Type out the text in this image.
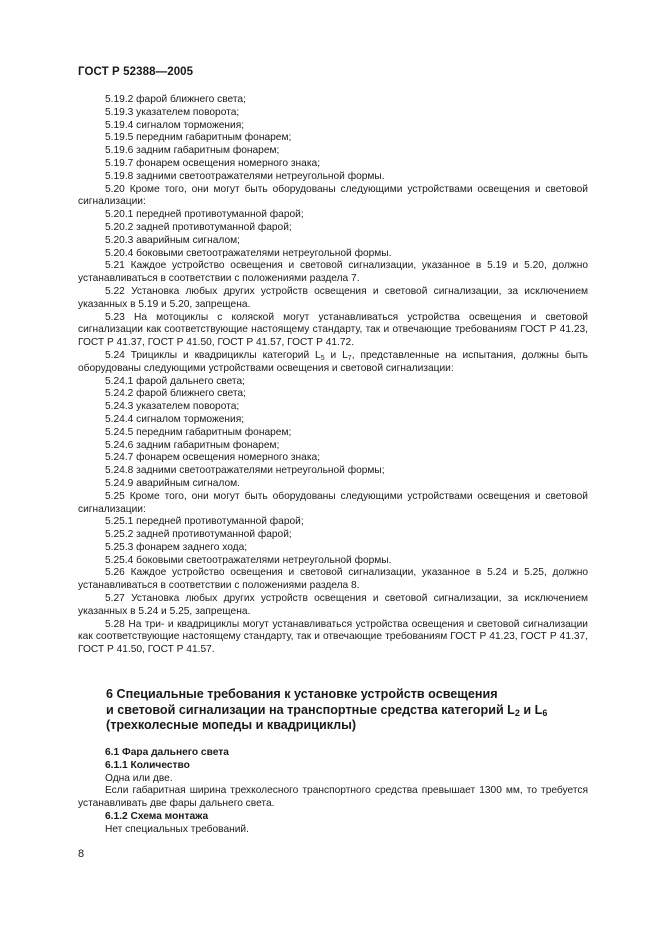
ГОСТ Р 52388—2005

5.19.2 фарой ближнего света;

5.19.3 указателем поворота;

5.19.4 сигналом торможения;

5.19.5 передним габаритным фонарем;

5.19.6 задним габаритным фонарем;

5.19.7 фонарем освещения номерного знака;

5.19.8 задними светоотражателями нетреугольной формы.

5.20 Кроме того, они могут быть оборудованы следующими устройствами освещения и световой сигнализации:

5.20.1 передней противотуманной фарой;

5.20.2 задней противотуманной фарой;

5.20.3 аварийным сигналом;

5.20.4 боковыми светоотражателями нетреугольной формы.

5.21 Каждое устройство освещения и световой сигнализации, указанное в 5.19 и 5.20, должно устанавливаться в соответствии с положениями раздела 7.

5.22 Установка любых других устройств освещения и световой сигнализации, за исключением указанных в 5.19 и 5.20, запрещена.

5.23 На мотоциклы с коляской могут устанавливаться устройства освещения и световой сигнализации как соответствующие настоящему стандарту, так и отвечающие требованиям ГОСТ Р 41.23, ГОСТ Р 41.37, ГОСТ Р 41.50, ГОСТ Р 41.57, ГОСТ Р 41.72.

5.24 Трициклы и квадрициклы категорий $L_5$ и $L_7$, представленные на испытания, должны быть оборудованы следующими устройствами освещения и световой сигнализации:

5.24.1 фарой дальнего света;

5.24.2 фарой ближнего света;

5.24.3 указателем поворота;

5.24.4 сигналом торможения;

5.24.5 передним габаритным фонарем;

5.24.6 задним габаритным фонарем;

5.24.7 фонарем освещения номерного знака;

5.24.8 задними светоотражателями нетреугольной формы;

5.24.9 аварийным сигналом.

5.25 Кроме того, они могут быть оборудованы следующими устройствами освещения и световой сигнализации:

5.25.1 передней противотуманной фарой;

5.25.2 задней противотуманной фарой;

5.25.3 фонарем заднего хода;

5.25.4 боковыми светоотражателями нетреугольной формы.

5.26 Каждое устройство освещения и световой сигнализации, указанное в 5.24 и 5.25, должно устанавливаться в соответствии с положениями раздела 8.

5.27 Установка любых других устройств освещения и световой сигнализации, за исключением указанных в 5.24 и 5.25, запрещена.

5.28 На три- и квадрициклы могут устанавливаться устройства освещения и световой сигнализации как соответствующие настоящему стандарту, так и отвечающие требованиям ГОСТ Р 41.23, ГОСТ Р 41.37, ГОСТ Р 41.50, ГОСТ Р 41.57.

6 Специальные требования к установке устройств освещения
и световой сигнализации на транспортные средства категорий $L_2$ и $L_6$
(трехколесные мопеды и квадрициклы)

6.1 Фара дальнего света

6.1.1 Количество

Одна или две.

Если габаритная ширина трехколесного транспортного средства превышает 1300 мм, то требуется устанавливать две фары дальнего света.

6.1.2 Схема монтажа

Нет специальных требований.

8
